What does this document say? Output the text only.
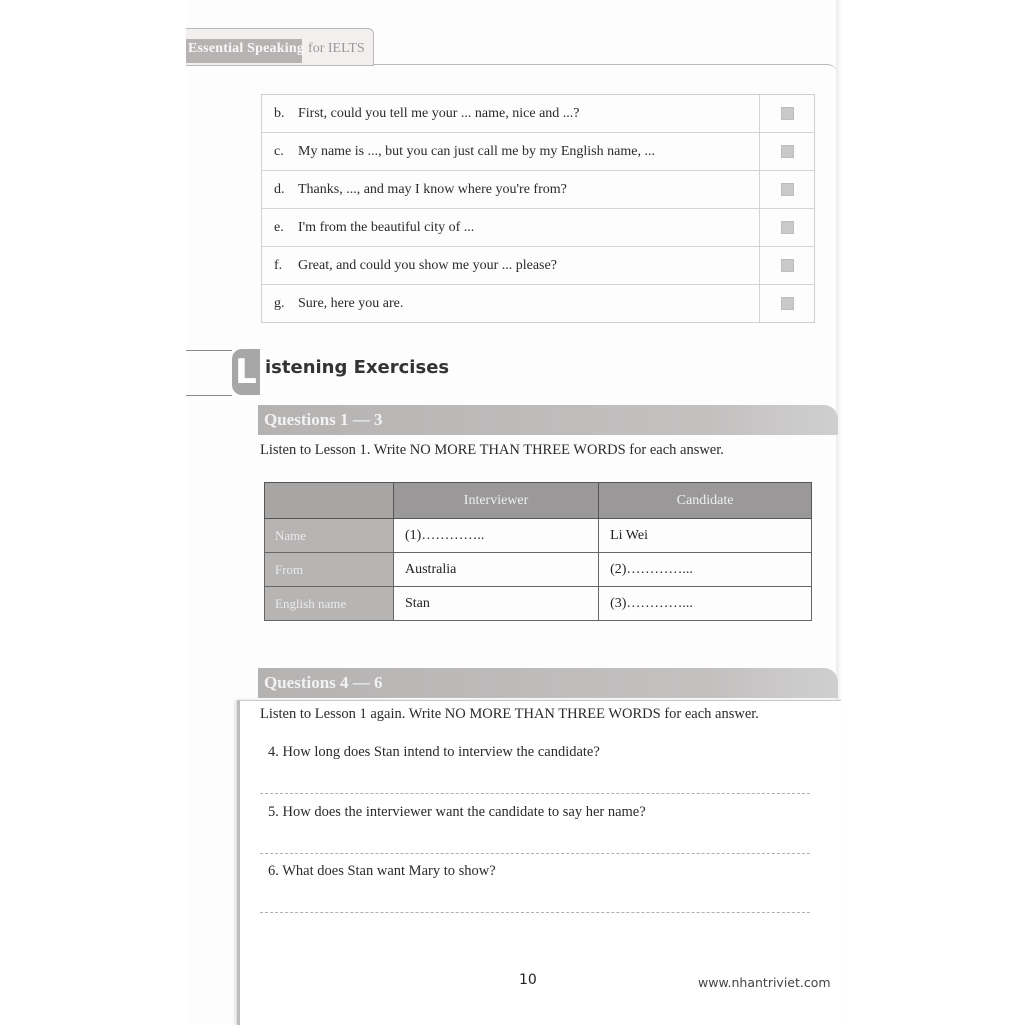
Essential Speaking for IELTS
b. First, could you tell me your ... name, nice and ...?
c.	My name is ..., but you can just call me by my English name, ...
d. Thanks, ..., and may I know where you're from?
e.	I'm from the beautiful city of ...
f.	Great, and could you show me your ... please?
g. Sure, here you are.
L istening Exercises
Questions 1 — 3
Listen to Lesson 1. Write NO MORE THAN THREE WORDS for each answer.
	Interviewer	Candidate
Name	(1)…………..	Li Wei
From	Australia	(2)…………...
English name	Stan	(3)…………...
Questions 4 — 6
Listen to Lesson 1 again. Write NO MORE THAN THREE WORDS for each answer.
4. How long does Stan intend to interview the candidate?
5. How does the interviewer want the candidate to say her name?
6. What does Stan want Mary to show?
10	www.nhantriviet.com
